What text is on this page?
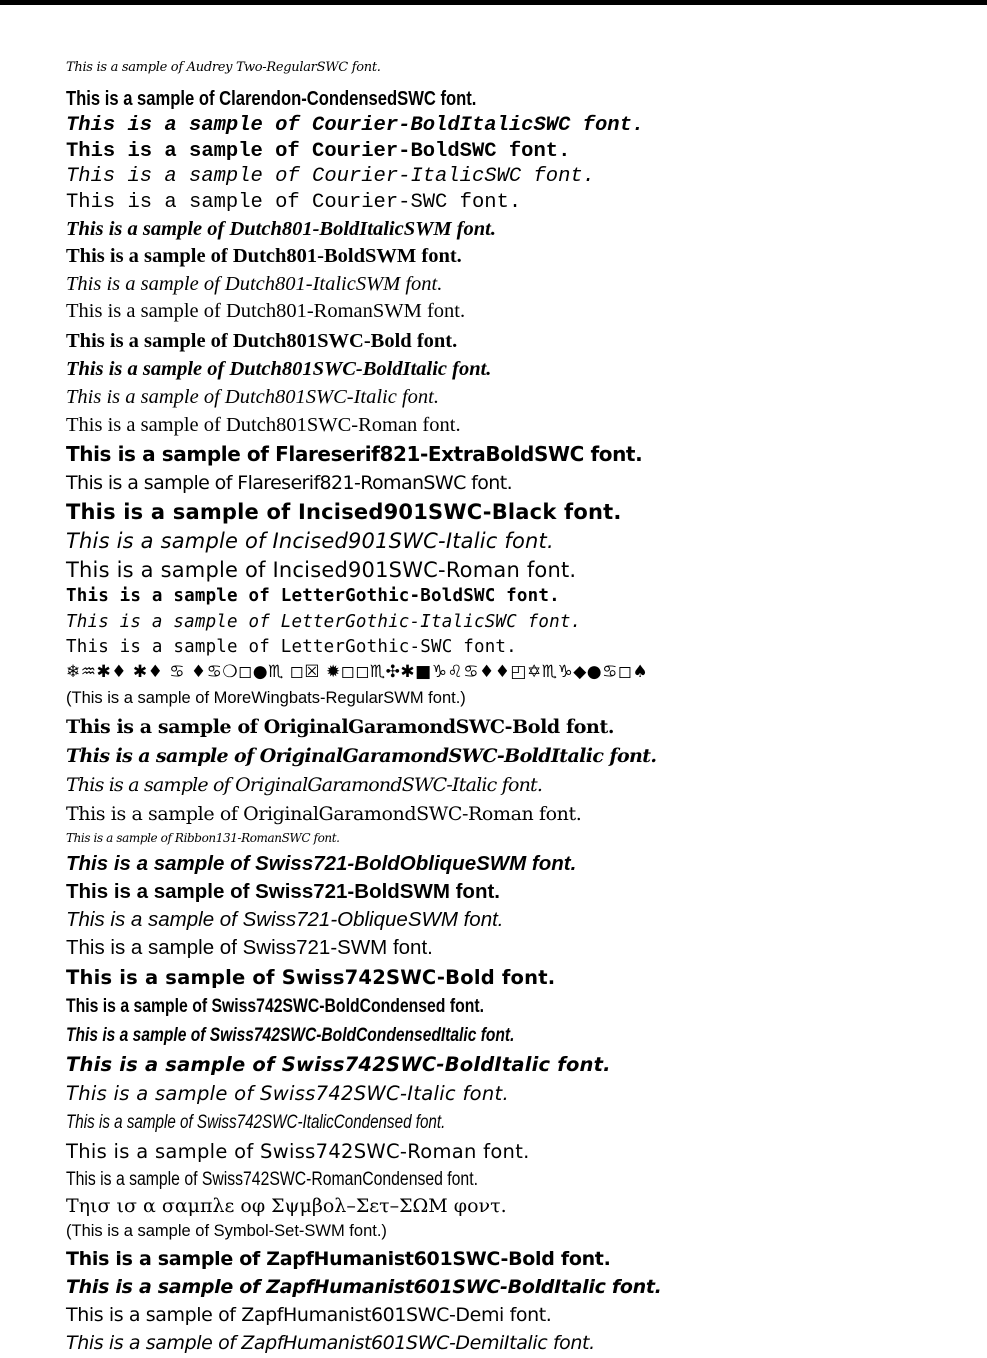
This is a sample of Audrey Two-RegularSWC font.
This is a sample of Clarendon-CondensedSWC font.
This is a sample of Courier-BoldItalicSWC font.
This is a sample of Courier-BoldSWC font.
This is a sample of Courier-ItalicSWC font.
This is a sample of Courier-SWC font.
This is a sample of Dutch801-BoldItalicSWM font.
This is a sample of Dutch801-BoldSWM font.
This is a sample of Dutch801-ItalicSWM font.
This is a sample of Dutch801-RomanSWM font.
This is a sample of Dutch801SWC-Bold font.
This is a sample of Dutch801SWC-BoldItalic font.
This is a sample of Dutch801SWC-Italic font.
This is a sample of Dutch801SWC-Roman font.
This is a sample of Flareserif821-ExtraBoldSWC font.
This is a sample of Flareserif821-RomanSWC font.
This is a sample of Incised901SWC-Black font.
This is a sample of Incised901SWC-Italic font.
This is a sample of Incised901SWC-Roman font.
This is a sample of LetterGothic-BoldSWC font.
This is a sample of LetterGothic-ItalicSWC font.
This is a sample of LetterGothic-SWC font.
❄♒✱♦ ✱♦ ♋ ♦♋❍◻●♏ ◻☒ ✹◻◻♏✣✱■♑♌♋♦♦◰✡♏♑◆●♋◻♠
(This is a sample of MoreWingbats-RegularSWM font.)
This is a sample of OriginalGaramondSWC-Bold font.
This is a sample of OriginalGaramondSWC-BoldItalic font.
This is a sample of OriginalGaramondSWC-Italic font.
This is a sample of OriginalGaramondSWC-Roman font.
This is a sample of Ribbon131-RomanSWC font.
This is a sample of Swiss721-BoldObliqueSWM font.
This is a sample of Swiss721-BoldSWM font.
This is a sample of Swiss721-ObliqueSWM font.
This is a sample of Swiss721-SWM font.
This is a sample of Swiss742SWC-Bold font.
This is a sample of Swiss742SWC-BoldCondensed font.
This is a sample of Swiss742SWC-BoldCondensedItalic font.
This is a sample of Swiss742SWC-BoldItalic font.
This is a sample of Swiss742SWC-Italic font.
This is a sample of Swiss742SWC-ItalicCondensed font.
This is a sample of Swiss742SWC-Roman font.
This is a sample of Swiss742SWC-RomanCondensed font.
Τηισ ισ α σαμπλε οφ Σψμβολ–Σετ–ΣΩΜ φοντ.
(This is a sample of Symbol-Set-SWM font.)
This is a sample of ZapfHumanist601SWC-Bold font.
This is a sample of ZapfHumanist601SWC-BoldItalic font.
This is a sample of ZapfHumanist601SWC-Demi font.
This is a sample of ZapfHumanist601SWC-DemiItalic font.
